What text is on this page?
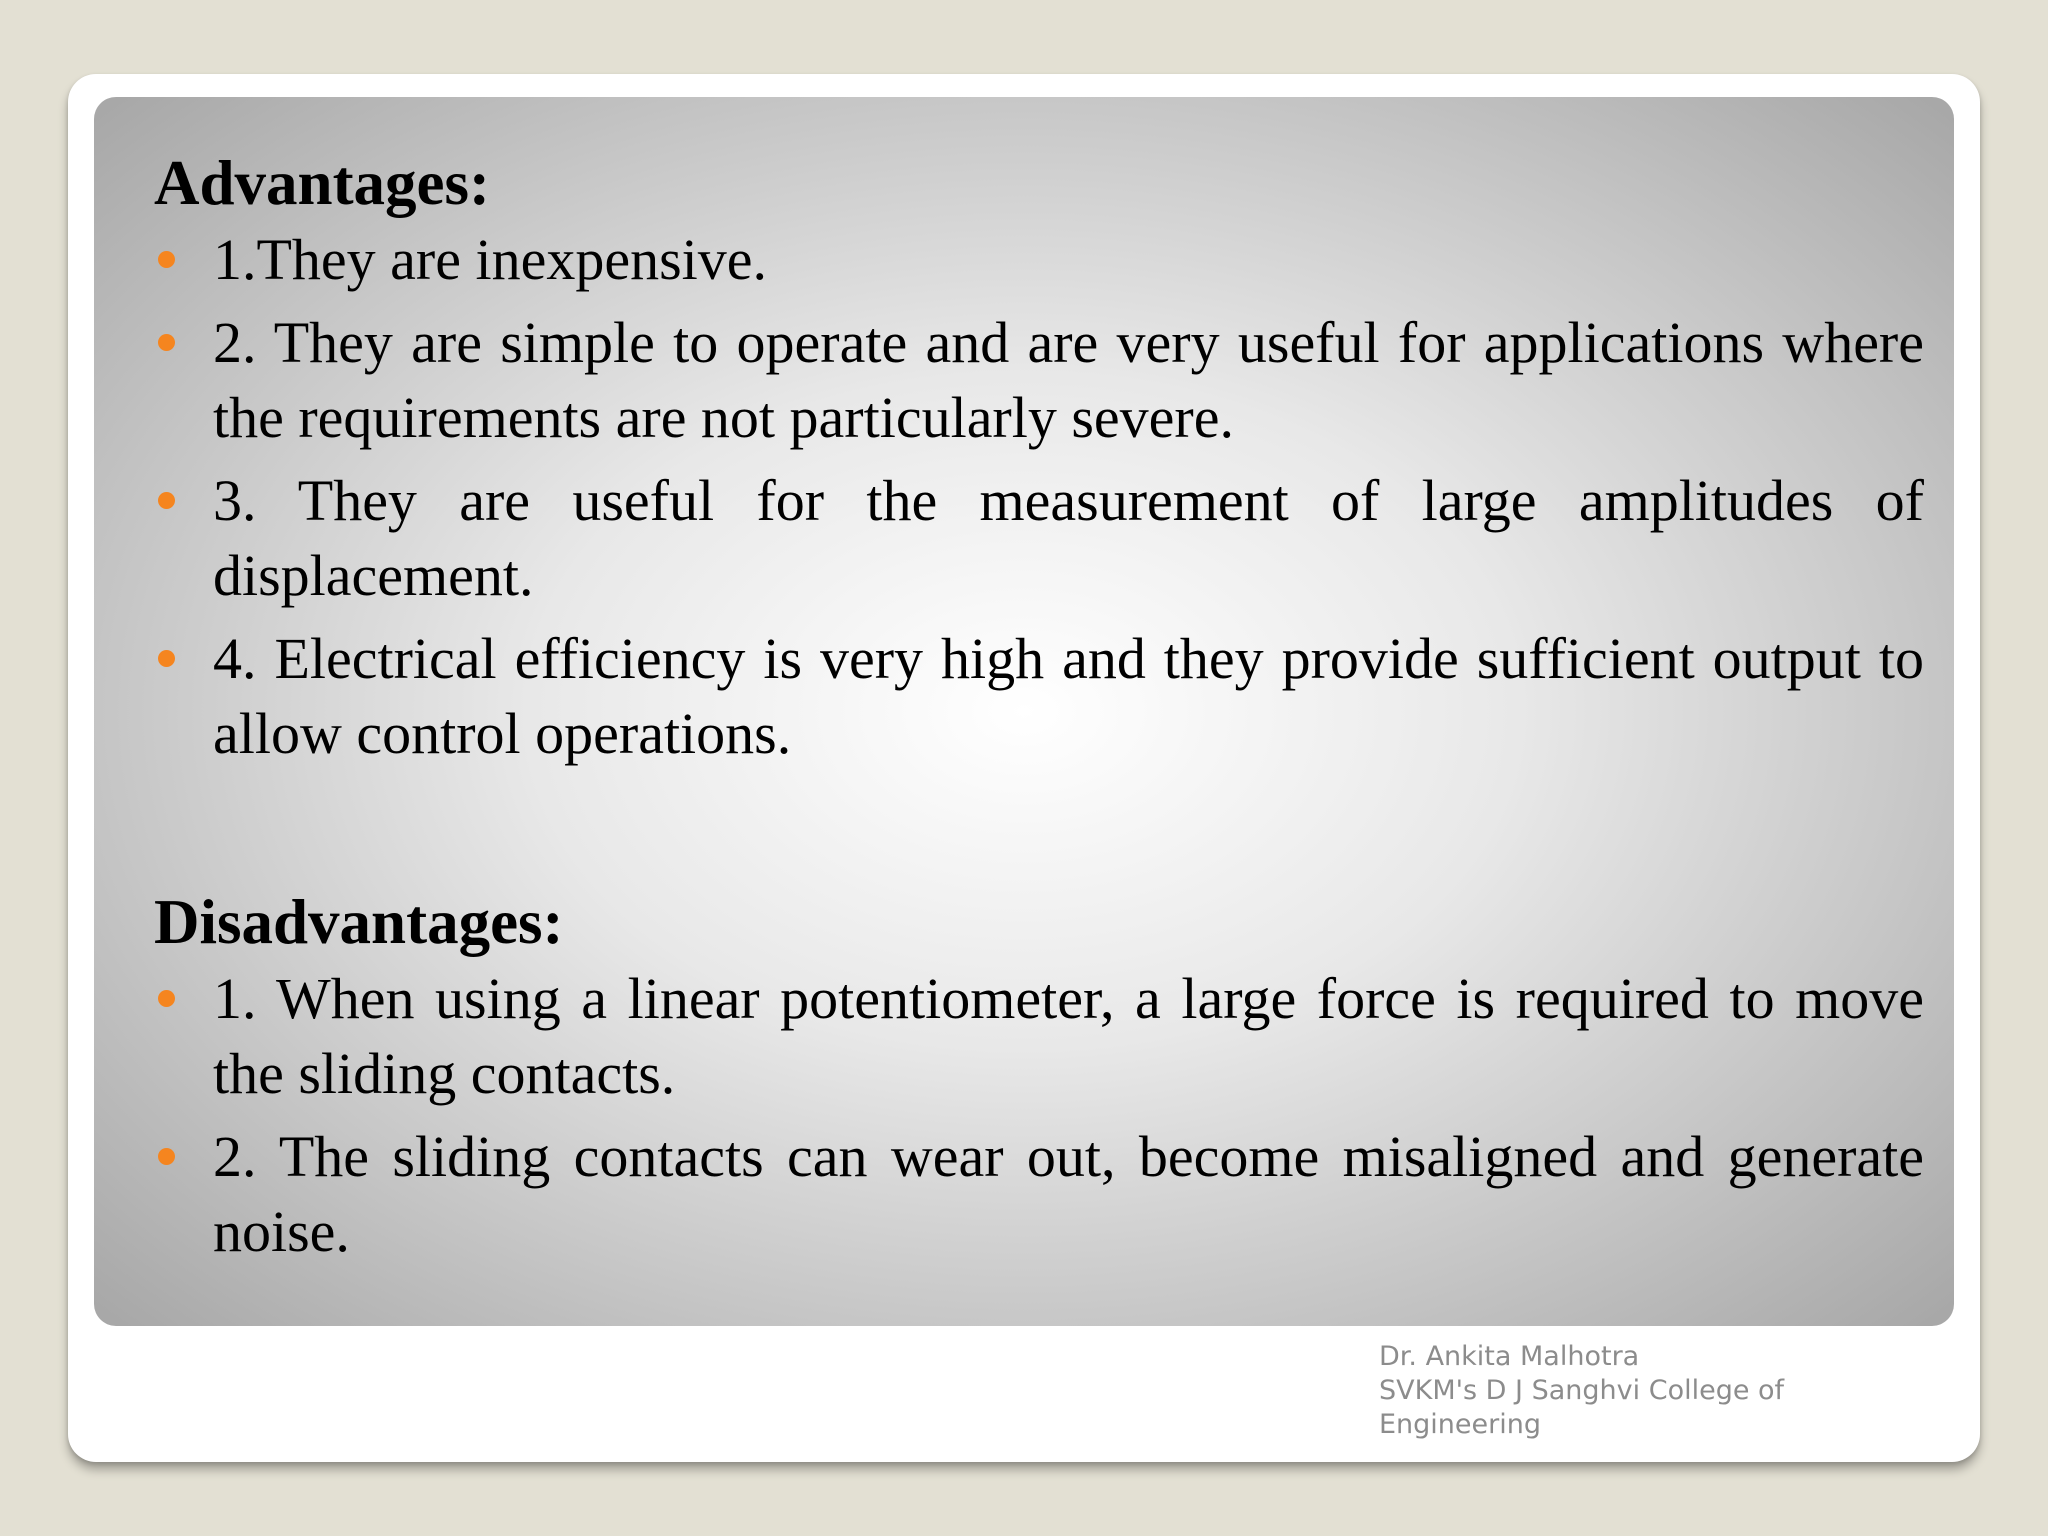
Advantages:
1.They are inexpensive.
2. They are simple to operate and are very useful for applications where the requirements are not particularly severe.
3. They are useful for the measurement of large amplitudes of displacement.
4. Electrical efficiency is very high and they provide sufficient output to allow control operations.
Disadvantages:
1. When using a linear potentiometer, a large force is required to move the sliding contacts.
2. The sliding contacts can wear out, become misaligned and generate noise.
Dr. Ankita Malhotra
SVKM's D J Sanghvi College of
Engineering
